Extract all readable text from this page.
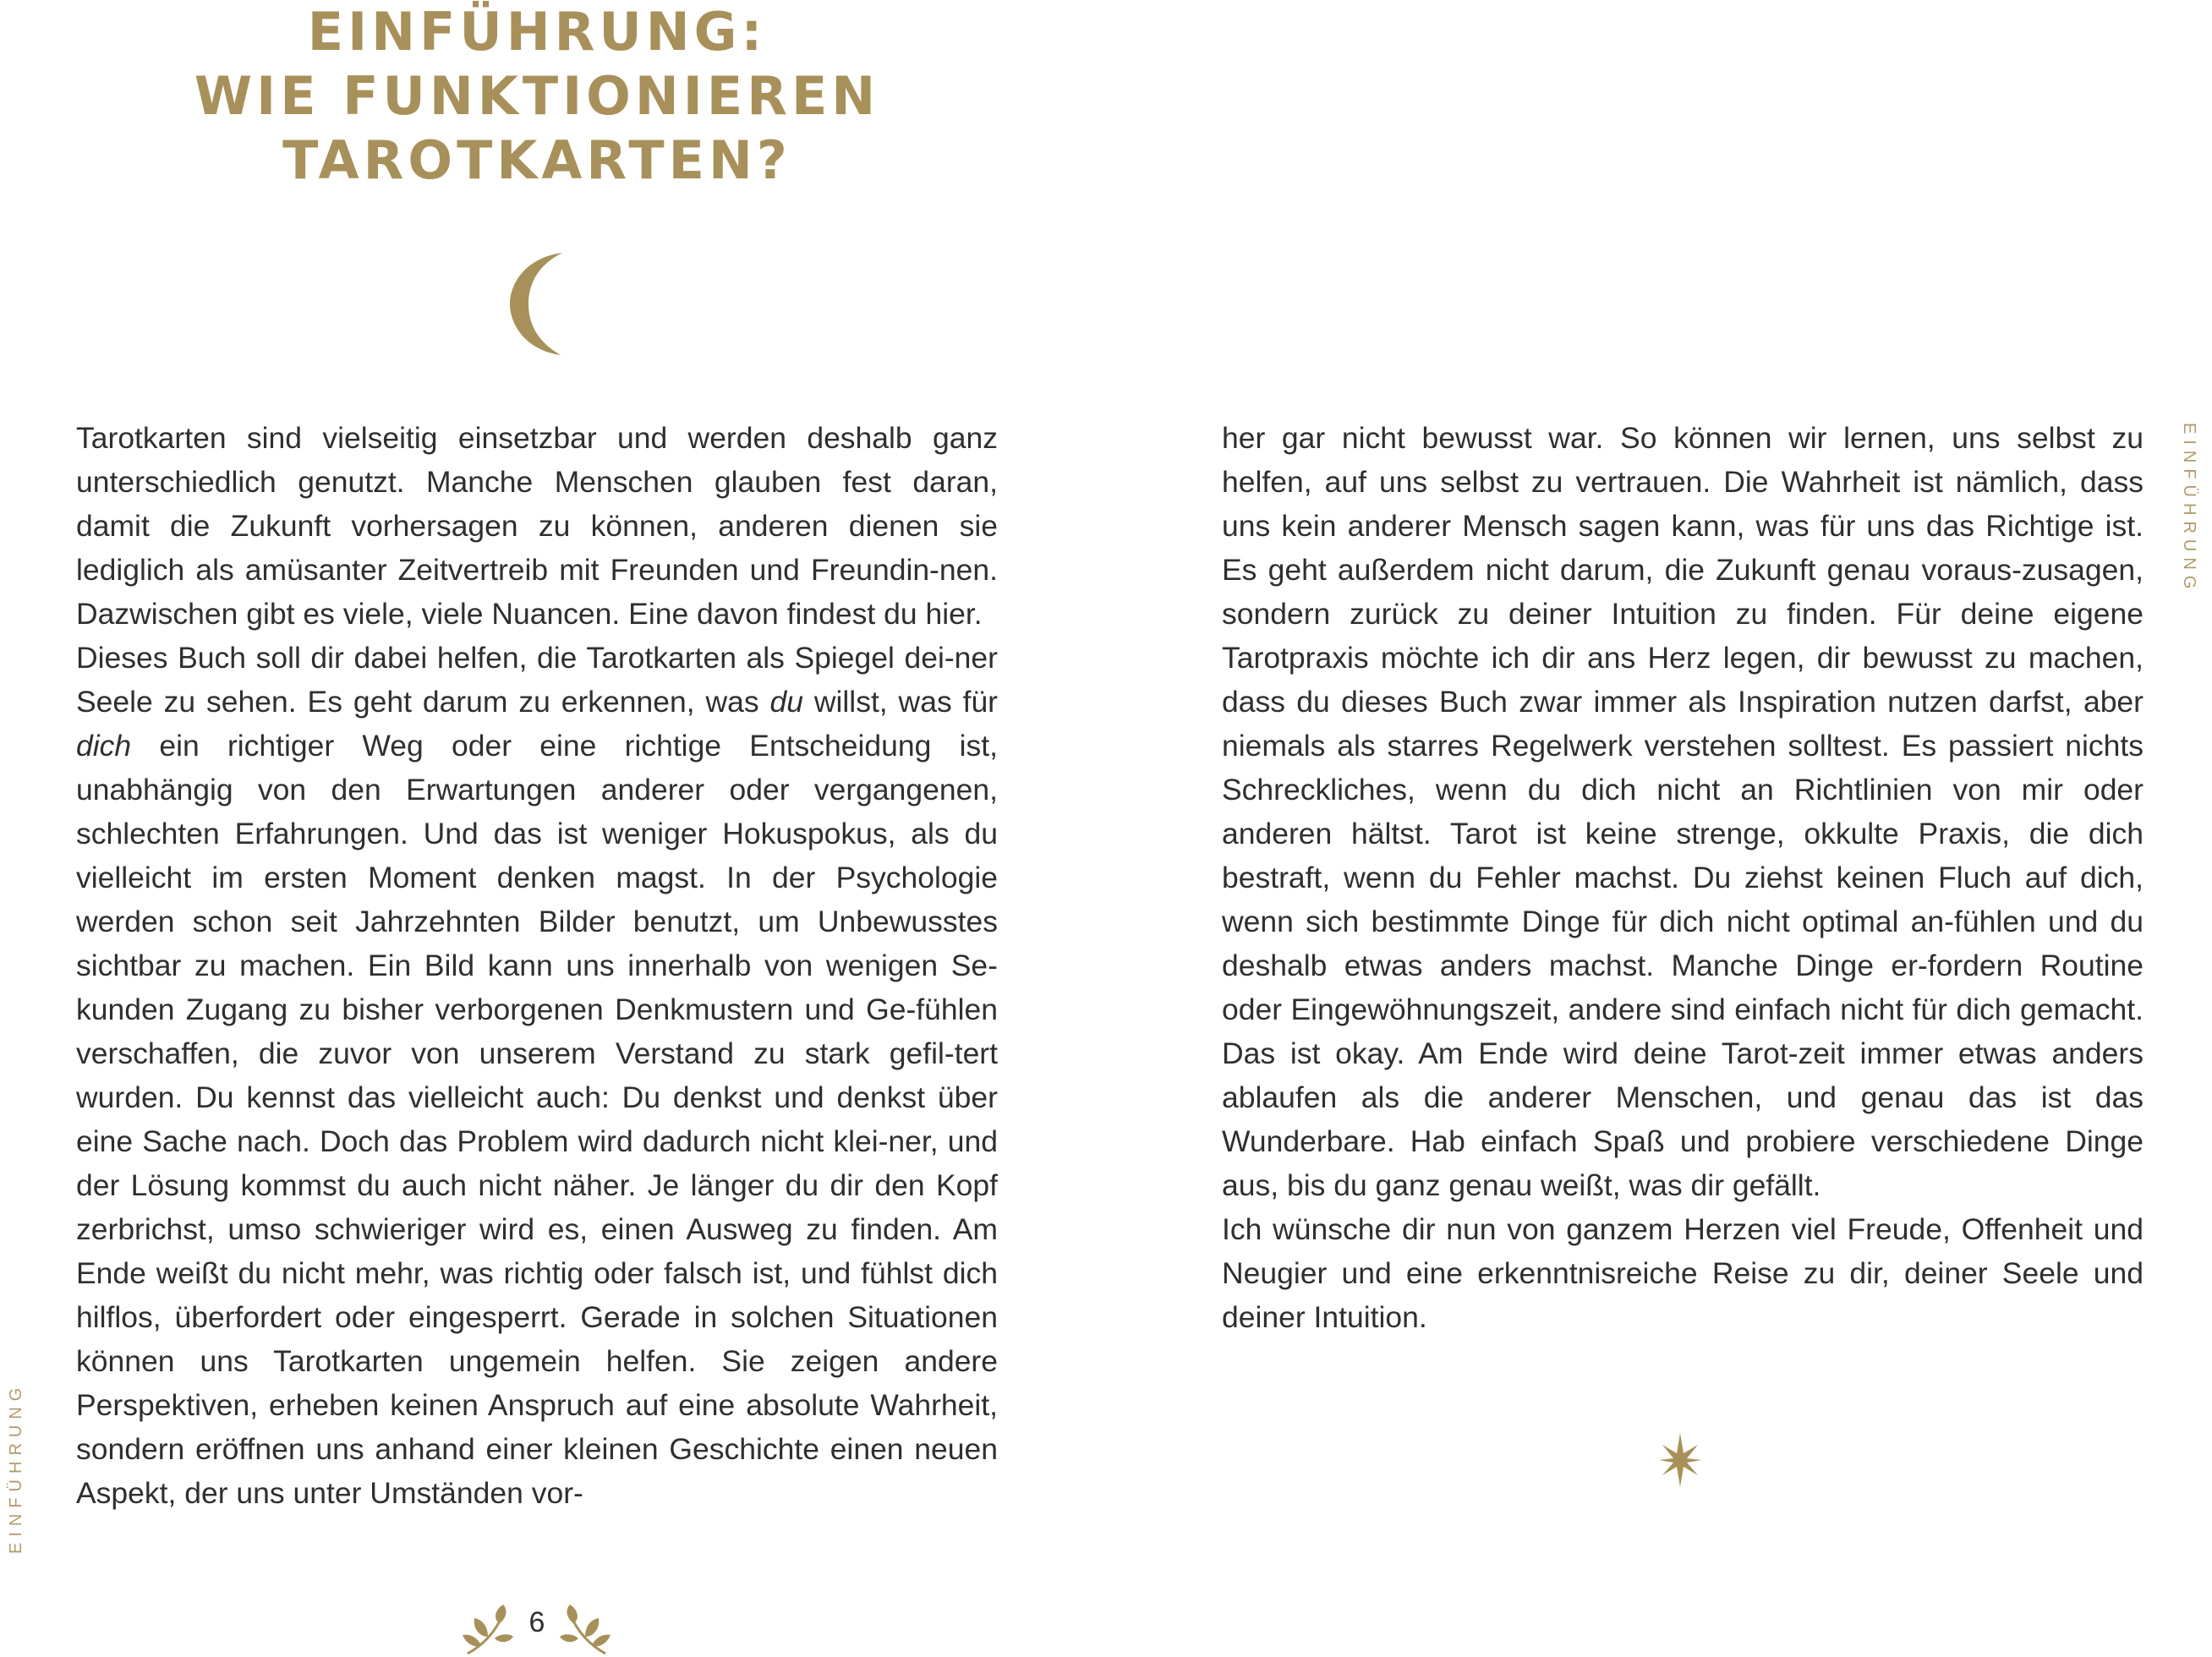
EINFÜHRUNG:
WIE FUNKTIONIEREN
TAROTKARTEN?

Tarotkarten sind vielseitig einsetzbar und werden deshalb ganz unterschiedlich genutzt. Manche Menschen glauben fest daran, damit die Zukunft vorhersagen zu können, anderen dienen sie lediglich als amüsanter Zeitvertreib mit Freunden und Freundin-nen. Dazwischen gibt es viele, viele Nuancen. Eine davon findest du hier.

Dieses Buch soll dir dabei helfen, die Tarotkarten als Spiegel dei-ner Seele zu sehen. Es geht darum zu erkennen, was du willst, was für dich ein richtiger Weg oder eine richtige Entscheidung ist, unabhängig von den Erwartungen anderer oder vergangenen, schlechten Erfahrungen. Und das ist weniger Hokuspokus, als du vielleicht im ersten Moment denken magst. In der Psychologie werden schon seit Jahrzehnten Bilder benutzt, um Unbewusstes sichtbar zu machen. Ein Bild kann uns innerhalb von wenigen Se-kunden Zugang zu bisher verborgenen Denkmustern und Ge-fühlen verschaffen, die zuvor von unserem Verstand zu stark gefil-tert wurden. Du kennst das vielleicht auch: Du denkst und denkst über eine Sache nach. Doch das Problem wird dadurch nicht klei-ner, und der Lösung kommst du auch nicht näher. Je länger du dir den Kopf zerbrichst, umso schwieriger wird es, einen Ausweg zu finden. Am Ende weißt du nicht mehr, was richtig oder falsch ist, und fühlst dich hilflos, überfordert oder eingesperrt. Gerade in solchen Situationen können uns Tarotkarten ungemein helfen. Sie zeigen andere Perspektiven, erheben keinen Anspruch auf eine absolute Wahrheit, sondern eröffnen uns anhand einer kleinen Geschichte einen neuen Aspekt, der uns unter Umständen vor-

her gar nicht bewusst war. So können wir lernen, uns selbst zu helfen, auf uns selbst zu vertrauen. Die Wahrheit ist nämlich, dass uns kein anderer Mensch sagen kann, was für uns das Richtige ist. Es geht außerdem nicht darum, die Zukunft genau voraus-zusagen, sondern zurück zu deiner Intuition zu finden. Für deine eigene Tarotpraxis möchte ich dir ans Herz legen, dir bewusst zu machen, dass du dieses Buch zwar immer als Inspiration nutzen darfst, aber niemals als starres Regelwerk verstehen solltest. Es passiert nichts Schreckliches, wenn du dich nicht an Richtlinien von mir oder anderen hältst. Tarot ist keine strenge, okkulte Praxis, die dich bestraft, wenn du Fehler machst. Du ziehst keinen Fluch auf dich, wenn sich bestimmte Dinge für dich nicht optimal an-fühlen und du deshalb etwas anders machst. Manche Dinge er-fordern Routine oder Eingewöhnungszeit, andere sind einfach nicht für dich gemacht. Das ist okay. Am Ende wird deine Tarot-zeit immer etwas anders ablaufen als die anderer Menschen, und genau das ist das Wunderbare. Hab einfach Spaß und probiere verschiedene Dinge aus, bis du ganz genau weißt, was dir gefällt.

Ich wünsche dir nun von ganzem Herzen viel Freude, Offenheit und Neugier und eine erkenntnisreiche Reise zu dir, deiner Seele und deiner Intuition.

EINFÜHRUNG
EINFÜHRUNG
6
